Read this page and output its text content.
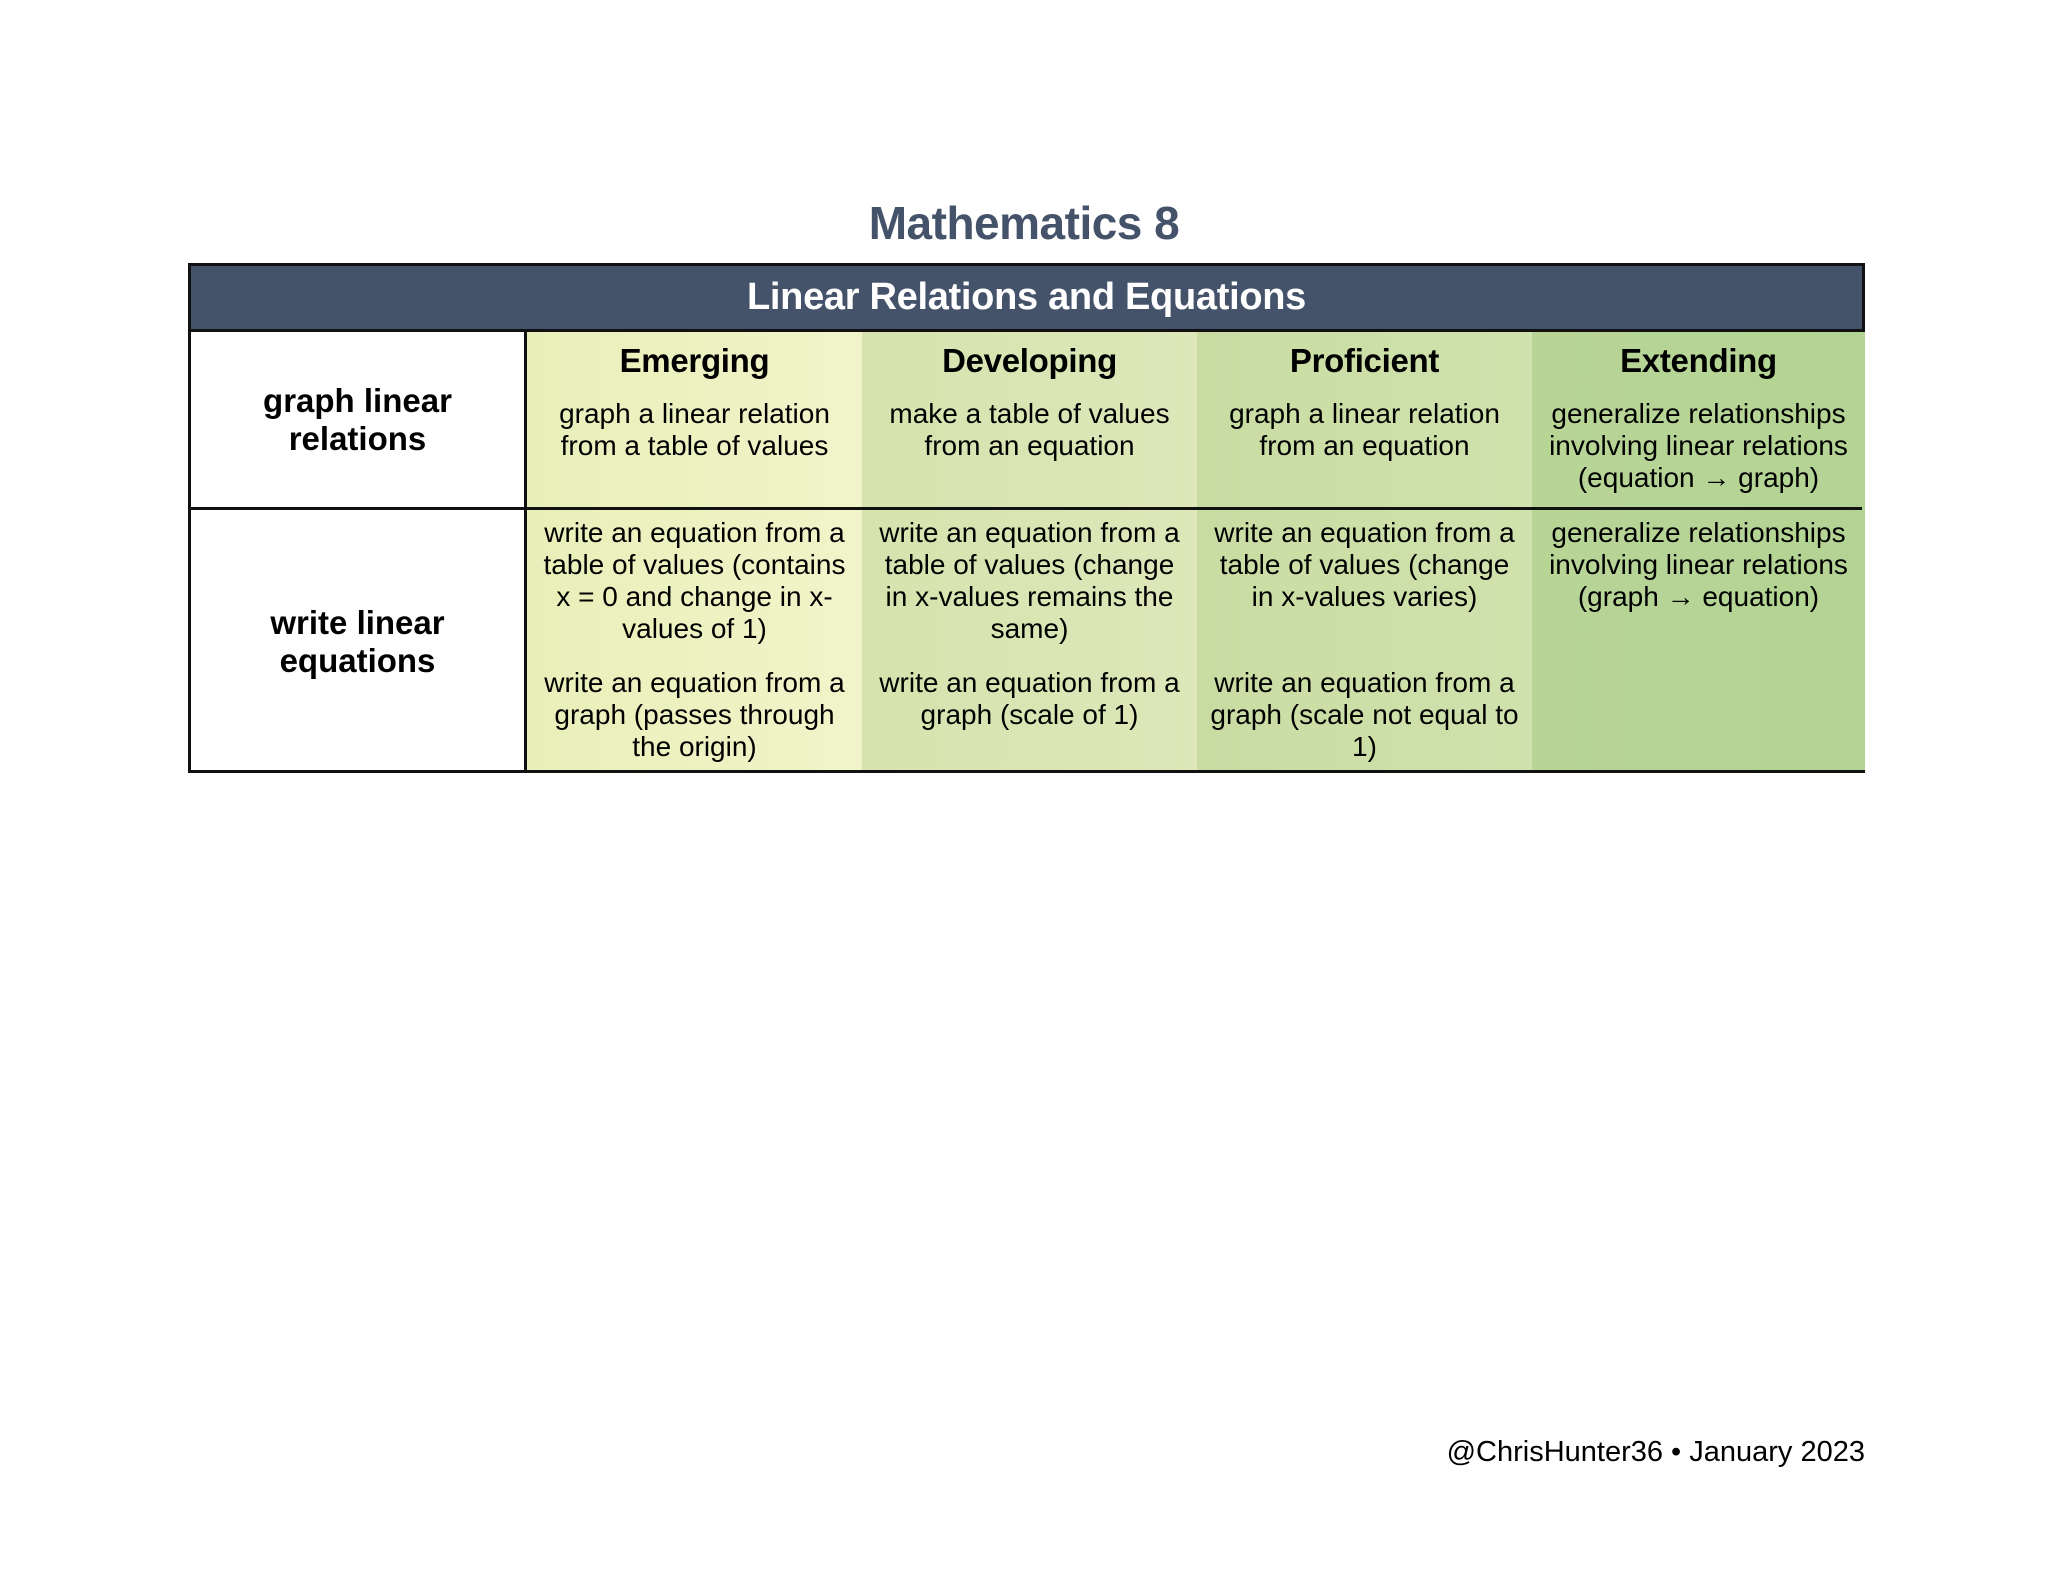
Mathematics 8
Linear Relations and Equations
Emerging
graph a linear relation from a table of values
write an equation from a table of values (contains x = 0 and change in x-values of 1)
write an equation from a graph (passes through the origin)
Developing
make a table of values from an equation
write an equation from a table of values (change in x-values remains the same)
write an equation from a graph (scale of 1)
Proficient
graph a linear relation from an equation
write an equation from a table of values (change in x-values varies)
write an equation from a graph (scale not equal to 1)
Extending
generalize relationships involving linear relations (equation → graph)
generalize relationships involving linear relations (graph → equation)
graph linear relations
write linear equations
@ChrisHunter36 • January 2023
